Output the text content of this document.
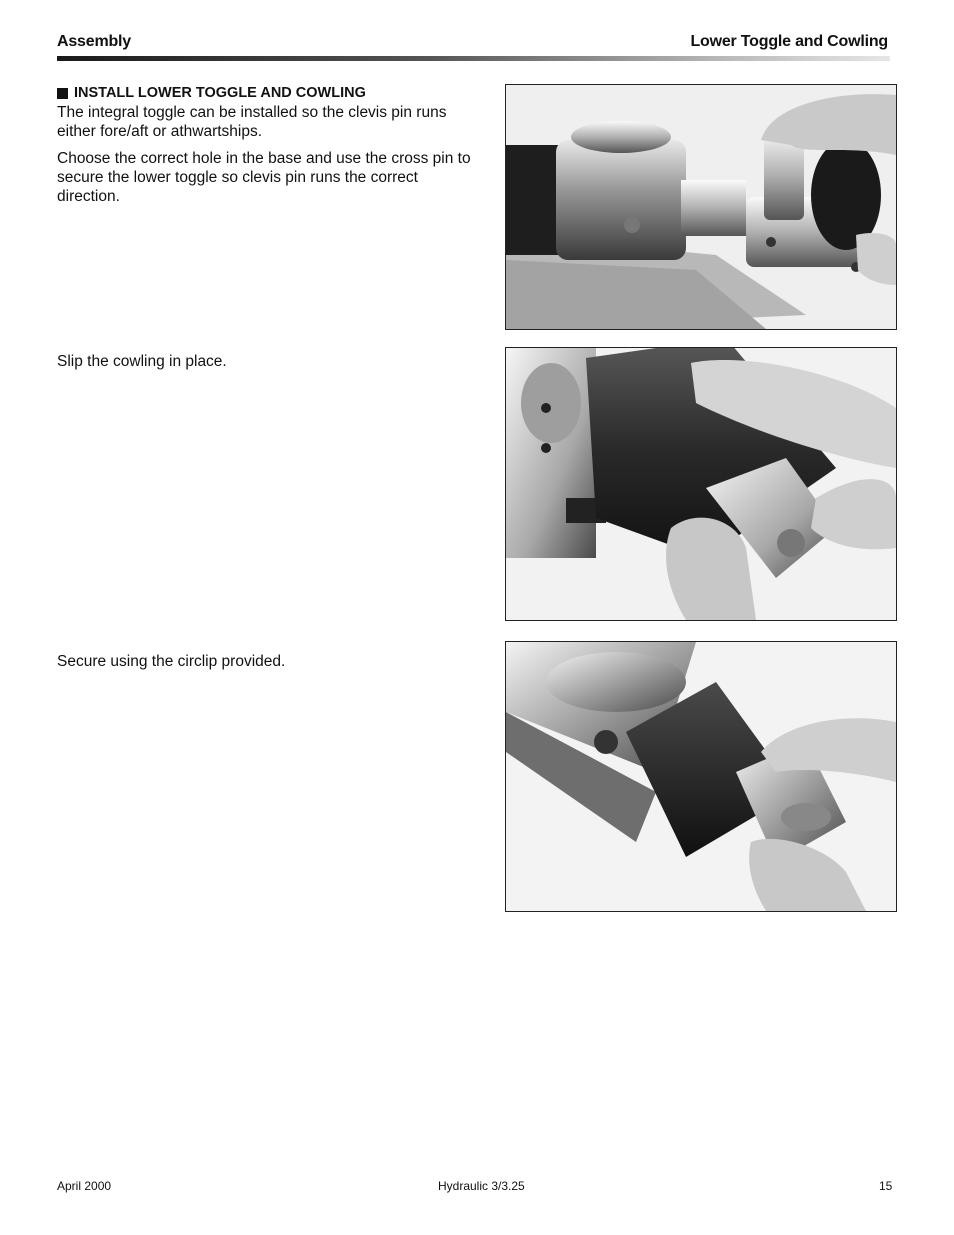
Assembly	Lower Toggle and Cowling
INSTALL LOWER TOGGLE AND COWLING

The integral toggle can be installed so the clevis pin runs either fore/aft or athwartships.

Choose the correct hole in the base and use the cross pin to secure the lower toggle so clevis pin runs the correct direction.

Slip the cowling in place.

Secure using the circlip provided.

April 2000	Hydraulic 3/3.25	15
